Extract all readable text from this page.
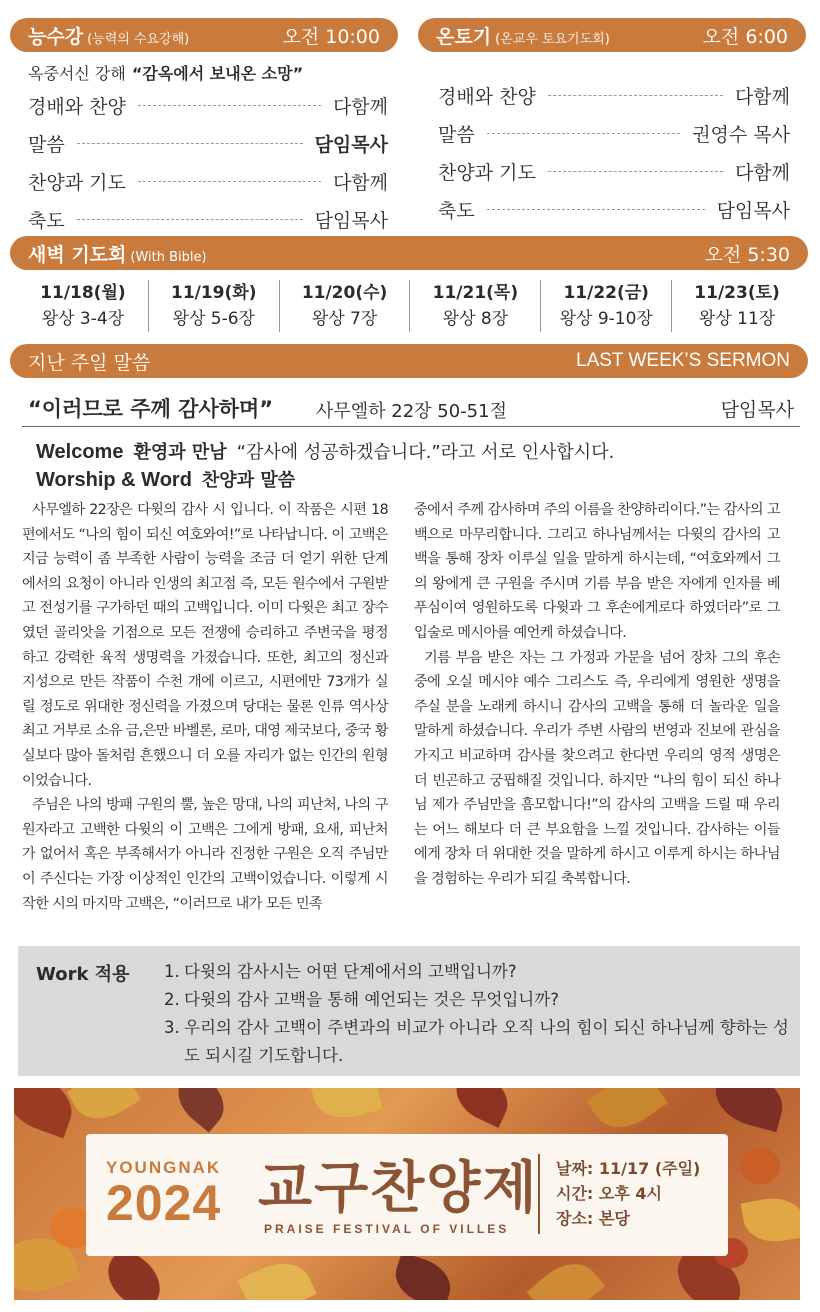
능수강 (능력의 수요강해)	오전 10:00
옥중서신 강해 “감옥에서 보내온 소망”
경배와 찬양	다함께
말씀	담임목사
찬양과 기도	다함께
축도	담임목사
온토기 (온교우 토요기도회)	오전 6:00
경배와 찬양	다함께
말씀	권영수 목사
찬양과 기도	다함께
축도	담임목사
새벽 기도회 (With Bible)	오전 5:30
11/18(월)
왕상 3-4장
11/19(화)
왕상 5-6장
11/20(수)
왕상 7장
11/21(목)
왕상 8장
11/22(금)
왕상 9-10장
11/23(토)
왕상 11장
지난 주일 말씀	LAST WEEK’S SERMON
“이러므로 주께 감사하며” 사무엘하 22장 50-51절	담임목사
Welcome 환영과 만남 “감사에 성공하겠습니다.”라고 서로 인사합시다.
Worship & Word 찬양과 말씀

사무엘하 22장은 다윗의 감사 시 입니다. 이 작품은 시편 18편에서도 “나의 힘이 되신 여호와여!”로 나타납니다. 이 고백은 지금 능력이 좀 부족한 사람이 능력을 조금 더 얻기 위한 단계에서의 요청이 아니라 인생의 최고점 즉, 모든 원수에서 구원받고 전성기를 구가하던 때의 고백입니다. 이미 다윗은 최고 장수였던 골리앗을 기점으로 모든 전쟁에 승리하고 주변국을 평정하고 강력한 육적 생명력을 가졌습니다. 또한, 최고의 정신과 지성으로 만든 작품이 수천 개에 이르고, 시편에만 73개가 실릴 정도로 위대한 정신력을 가졌으며 당대는 물론 인류 역사상 최고 거부로 소유 금,은만 바벨론, 로마, 대영 제국보다, 중국 황실보다 많아 돌처럼 흔했으니 더 오를 자리가 없는 인간의 원형이었습니다.

주님은 나의 방패 구원의 뿔, 높은 망대, 나의 피난처, 나의 구원자라고 고백한 다윗의 이 고백은 그에게 방패, 요새, 피난처가 없어서 혹은 부족해서가 아니라 진정한 구원은 오직 주님만이 주신다는 가장 이상적인 인간의 고백이었습니다. 이렇게 시작한 시의 마지막 고백은, “이러므로 내가 모든 민족

중에서 주께 감사하며 주의 이름을 찬양하리이다.”는 감사의 고백으로 마무리합니다. 그리고 하나님께서는 다윗의 감사의 고백을 통해 장차 이루실 일을 말하게 하시는데, “여호와께서 그의 왕에게 큰 구원을 주시며 기름 부음 받은 자에게 인자를 베푸심이여 영원하도록 다윗과 그 후손에게로다 하였더라”로 그 입술로 메시아를 예언케 하셨습니다.

기름 부음 받은 자는 그 가정과 가문을 넘어 장차 그의 후손 중에 오실 메시야 예수 그리스도 즉, 우리에게 영원한 생명을 주실 분을 노래케 하시니 감사의 고백을 통해 더 놀라운 일을 말하게 하셨습니다. 우리가 주변 사람의 번영과 진보에 관심을 가지고 비교하며 감사를 찾으려고 한다면 우리의 영적 생명은 더 빈곤하고 궁핍해질 것입니다. 하지만 “나의 힘이 되신 하나님 제가 주님만을 흠모합니다!”의 감사의 고백을 드릴 때 우리는 어느 해보다 더 큰 부요함을 느낄 것입니다. 감사하는 이들에게 장차 더 위대한 것을 말하게 하시고 이루게 하시는 하나님을 경험하는 우리가 되길 축복합니다.

Work 적용 1. 다윗의 감사시는 어떤 단계에서의 고백입니까?
2. 다윗의 감사 고백을 통해 예언되는 것은 무엇입니까?
3. 우리의 감사 고백이 주변과의 비교가 아니라 오직 나의 힘이 되신 하나님께 향하는 성도 되시길 기도합니다.
YOUNGNAK
2024 교구찬양제
PRAISE FESTIVAL OF VILLES
날짜: 11/17 (주일)
시간: 오후 4시
장소: 본당
